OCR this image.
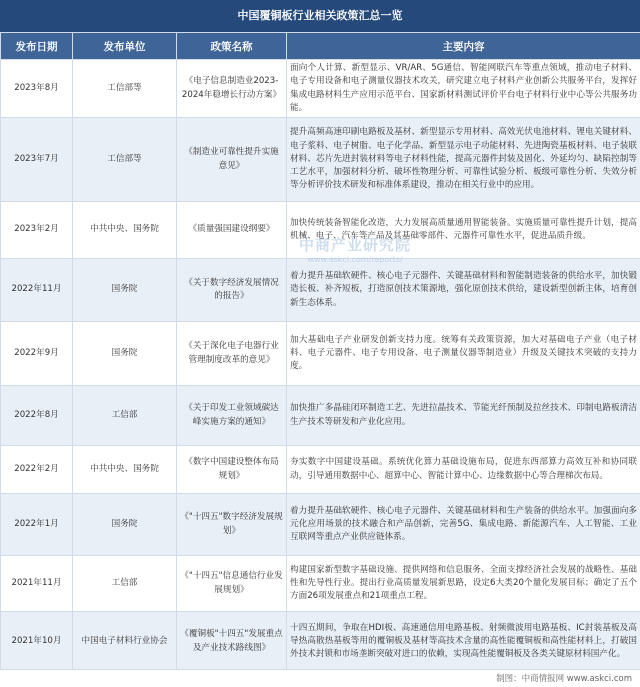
中国覆铜板行业相关政策汇总一览
发布日期	发布单位	政策名称	主要内容
2023年8月	工信部等	《电子信息制造业2023-2024年稳增长行动方案》	面向个人计算、新型显示、VR/AR、5G通信、智能网联汽车等重点领域，推动电子材料、电子专用设备和电子测量仪器技术攻关，研究建立电子材料产业创新公共服务平台，发挥好集成电路材料生产应用示范平台、国家新材料测试评价平台电子材料行业中心等公共服务功能。
2023年7月	工信部等	《制造业可靠性提升实施意见》	提升高频高速印刷电路板及基材、新型显示专用材料、高效光伏电池材料、锂电关键材料、电子浆料、电子树脂、电子化学品、新型显示电子功能材料、先进陶瓷基板材料、电子装联材料、芯片先进封装材料等电子材料性能，提高元器件封装及固化、外延均匀、缺陷控制等工艺水平，加强材料分析、破坏性物理分析、可靠性试验分析、板级可靠性分析、失效分析等分析评价技术研发和标准体系建设，推动在相关行业中的应用。
2023年2月	中共中央、国务院	《质量强国建设纲要》	加快传统装备智能化改造，大力发展高质量通用智能装备。实施质量可靠性提升计划，提高机械、电子、汽车等产品及其基础零部件、元器件可靠性水平，促进品质升级。
2022年11月	国务院	《关于数字经济发展情况的报告》	着力提升基础软硬件、核心电子元器件、关键基础材料和智能制造装备的供给水平，加快锻造长板、补齐短板，打造原创技术策源地，强化原创技术供给，建设新型创新主体，培育创新生态体系。
2022年9月	国务院	《关于深化电子电器行业管理制度改革的意见》	加大基础电子产业研发创新支持力度。统筹有关政策资源，加大对基础电子产业（电子材料、电子元器件、电子专用设备、电子测量仪器等制造业）升级及关键技术突破的支持力度。
2022年8月	工信部	《关于印发工业领域碳达峰实施方案的通知》	加快推广多晶硅闭环制造工艺、先进拉晶技术、节能光纤预制及拉丝技术、印制电路板清洁生产技术等研发和产业化应用。
2022年2月	中共中央、国务院	《数字中国建设整体布局规划》	夯实数字中国建设基础。系统优化算力基础设施布局，促进东西部算力高效互补和协同联动，引导通用数据中心、超算中心、智能计算中心、边缘数据中心等合理梯次布局。
2022年1月	国务院	《"十四五"数字经济发展规划》	着力提升基础软硬件、核心电子元器件、关键基础材料和生产装备的供给水平。加强面向多元化应用场景的技术融合和产品创新，完善5G、集成电路、新能源汽车、人工智能、工业互联网等重点产业供应链体系。
2021年11月	工信部	《"十四五"信息通信行业发展规划》	构建国家新型数字基础设施、提供网络和信息服务、全面支撑经济社会发展的战略性、基础性和先导性行业。提出行业高质量发展新思路，设定6大类20个量化发展目标；确定了五个方面26项发展重点和21项重点工程。
2021年10月	中国电子材料行业协会	《覆铜板"十四五"发展重点及产业技术路线图》	十四五期间，争取在HDI板、高速通信用电路基板、射频微波用电路基板、IC封装基板及高导热高散热基板等用的覆铜板及基材等高技术含量的高性能覆铜板和高性能材料上，打破国外技术封锁和市场垄断突破对进口的依赖，实现高性能覆铜板及各类关键原材料国产化。
中商产业研究院
www.askci.com/reports/
制图：中商情报网 www.askci.com
